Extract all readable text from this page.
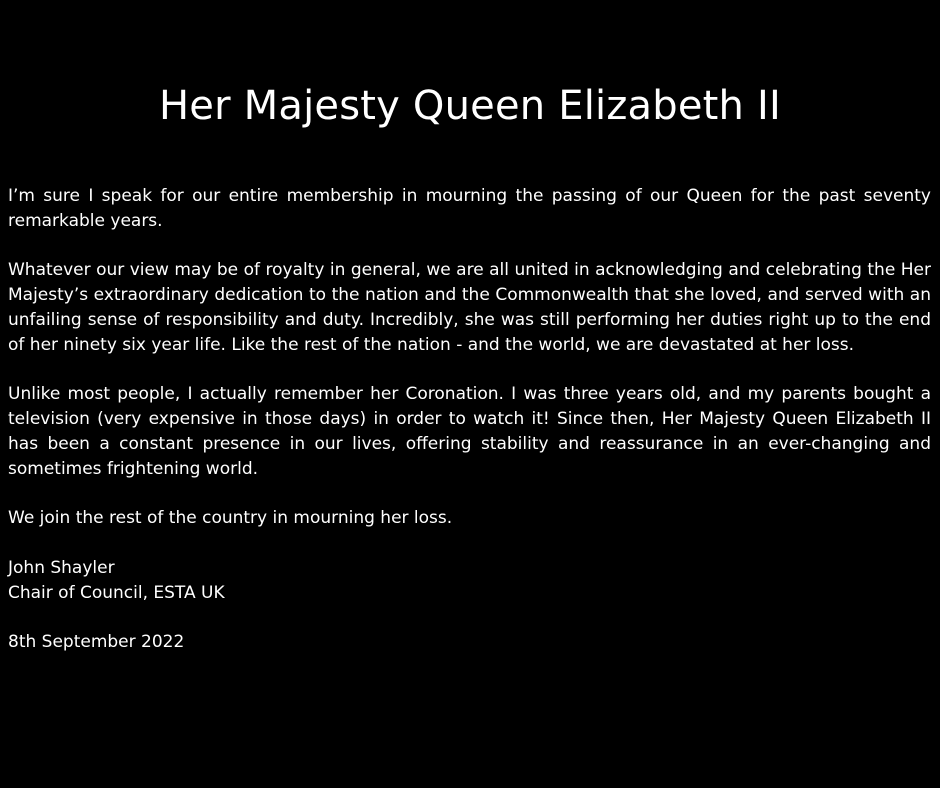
Her Majesty Queen Elizabeth II

I’m sure I speak for our entire membership in mourning the passing of our Queen for the past seventy remarkable years.

Whatever our view may be of royalty in general, we are all united in acknowledging and celebrating the Her Majesty’s extraordinary dedication to the nation and the Commonwealth that she loved, and served with an unfailing sense of responsibility and duty. Incredibly, she was still performing her duties right up to the end of her ninety six year life. Like the rest of the nation - and the world, we are devastated at her loss.

Unlike most people, I actually remember her Coronation. I was three years old, and my parents bought a television (very expensive in those days) in order to watch it! Since then, Her Majesty Queen Elizabeth II has been a constant presence in our lives, offering stability and reassurance in an ever-changing and sometimes frightening world.

We join the rest of the country in mourning her loss.

John Shayler
Chair of Council, ESTA UK
8th September 2022
